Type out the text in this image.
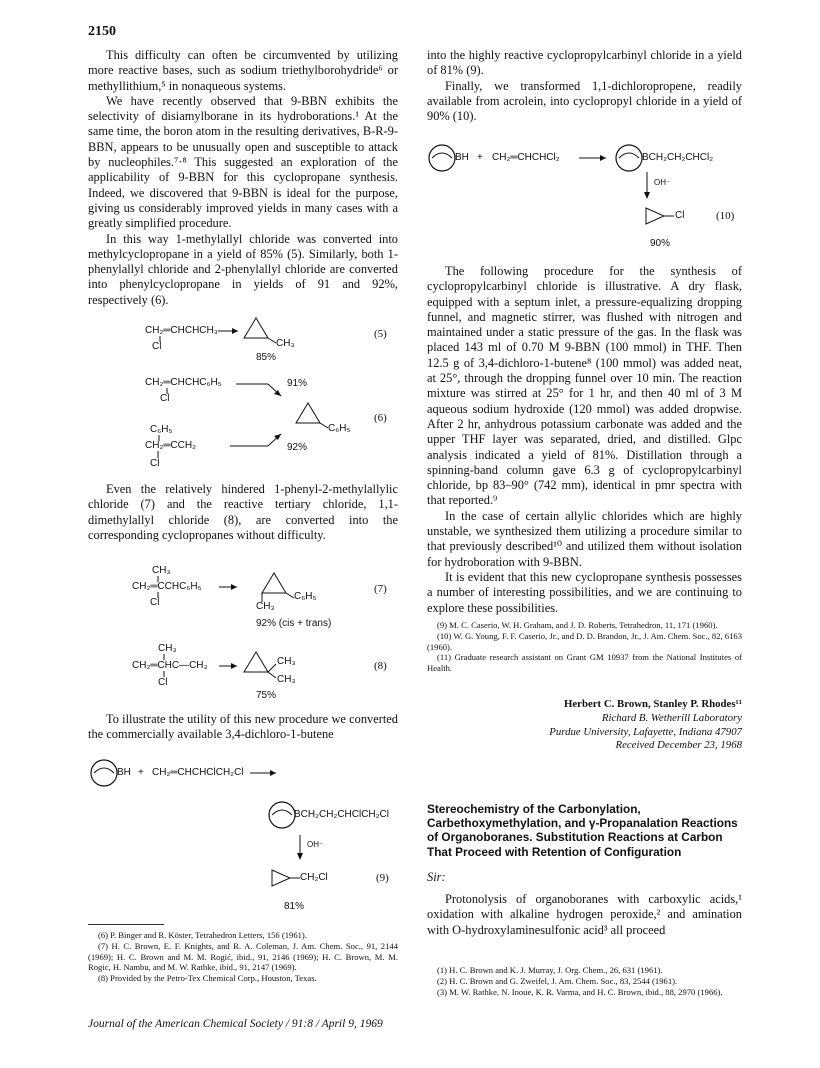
2150

This difficulty can often be circumvented by utilizing more reactive bases, such as sodium triethylborohydride⁶ or methyllithium,⁵ in nonaqueous systems.

We have recently observed that 9-BBN exhibits the selectivity of disiamylborane in its hydroborations.¹ At the same time, the boron atom in the resulting derivatives, B-R-9-BBN, appears to be unusually open and susceptible to attack by nucleophiles.⁷·⁸ This suggested an exploration of the applicability of 9-BBN for this cyclopropane synthesis. Indeed, we discovered that 9-BBN is ideal for the purpose, giving us considerably improved yields in many cases with a greatly simplified procedure.

In this way 1-methylallyl chloride was converted into methylcyclopropane in a yield of 85% (5). Similarly, both 1-phenylallyl chloride and 2-phenylallyl chloride are converted into phenylcyclopropane in yields of 91 and 92%, respectively (6).

CH₂═CHCHCH₃
Cl	CH₃
85%
(5)
CH₂═CHCHC₆H₅
Cl
91%
C₆H₅
CH₂═CCH₂
Cl
92%
C₆H₅
(6)

Even the relatively hindered 1-phenyl-2-methylallylic chloride (7) and the reactive tertiary chloride, 1,1-dimethylallyl chloride (8), are converted into the corresponding cyclopropanes without difficulty.

CH₃
CH₂═CCHC₆H₅
Cl
C₆H₅
CH₃
92% (cis + trans)
(7)
CH₃
CH₂═CHC—CH₃
Cl
CH₃
CH₃
75%
(8)

To illustrate the utility of this new procedure we converted the commercially available 3,4-dichloro-1-butene

BH + CH₂═CHCHClCH₂Cl
BCH₂CH₂CHClCH₂Cl
OH⁻
CH₂Cl
81%
(9)

(6) P. Binger and R. Köster, Tetrahedron Letters, 156 (1961).

(7) H. C. Brown, E. F. Knights, and R. A. Coleman, J. Am. Chem. Soc., 91, 2144 (1969); H. C. Brown and M. M. Rogić, ibid., 91, 2146 (1969); H. C. Brown, M. M. Rogic, H. Nambu, and M. W. Rathke, ibid., 91, 2147 (1969).

(8) Provided by the Petro-Tex Chemical Corp., Houston, Texas.

into the highly reactive cyclopropylcarbinyl chloride in a yield of 81% (9).

Finally, we transformed 1,1-dichloropropene, readily available from acrolein, into cyclopropyl chloride in a yield of 90% (10).

BH + CH₂═CHCHCl₂	BCH₂CH₂CHCl₂
OH⁻
Cl
90%
(10)

The following procedure for the synthesis of cyclopropylcarbinyl chloride is illustrative. A dry flask, equipped with a septum inlet, a pressure-equalizing dropping funnel, and magnetic stirrer, was flushed with nitrogen and maintained under a static pressure of the gas. In the flask was placed 143 ml of 0.70 M 9-BBN (100 mmol) in THF. Then 12.5 g of 3,4-dichloro-1-butene⁸ (100 mmol) was added neat, at 25°, through the dropping funnel over 10 min. The reaction mixture was stirred at 25° for 1 hr, and then 40 ml of 3 M aqueous sodium hydroxide (120 mmol) was added dropwise. After 2 hr, anhydrous potassium carbonate was added and the upper THF layer was separated, dried, and distilled. Glpc analysis indicated a yield of 81%. Distillation through a spinning-band column gave 6.3 g of cyclopropylcarbinyl chloride, bp 83–90° (742 mm), identical in pmr spectra with that reported.⁹

In the case of certain allylic chlorides which are highly unstable, we synthesized them utilizing a procedure similar to that previously described¹⁰ and utilized them without isolation for hydroboration with 9-BBN.

It is evident that this new cyclopropane synthesis possesses a number of interesting possibilities, and we are continuing to explore these possibilities.

(9) M. C. Caserio, W. H. Graham, and J. D. Roberts, Tetrahedron, 11, 171 (1960).

(10) W. G. Young, F. F. Caserio, Jr., and D. D. Brandon, Jr., J. Am. Chem. Soc., 82, 6163 (1960).

(11) Graduate research assistant on Grant GM 10937 from the National Institutes of Health.

Herbert C. Brown, Stanley P. Rhodes¹¹
Richard B. Wetherill Laboratory
Purdue University, Lafayette, Indiana 47907
Received December 23, 1968
Stereochemistry of the Carbonylation, Carbethoxymethylation, and γ-Propanalation Reactions of Organoboranes. Substitution Reactions at Carbon That Proceed with Retention of Configuration
Sir:

Protonolysis of organoboranes with carboxylic acids,¹ oxidation with alkaline hydrogen peroxide,² and amination with O-hydroxylaminesulfonic acid³ all proceed

(1) H. C. Brown and K. J. Murray, J. Org. Chem., 26, 631 (1961).

(2) H. C. Brown and G. Zweifel, J. Am. Chem. Soc., 83, 2544 (1961).

(3) M. W. Rathke, N. Inoue, K. R. Varma, and H. C. Brown, ibid., 88, 2970 (1966).

Journal of the American Chemical Society / 91:8 / April 9, 1969
